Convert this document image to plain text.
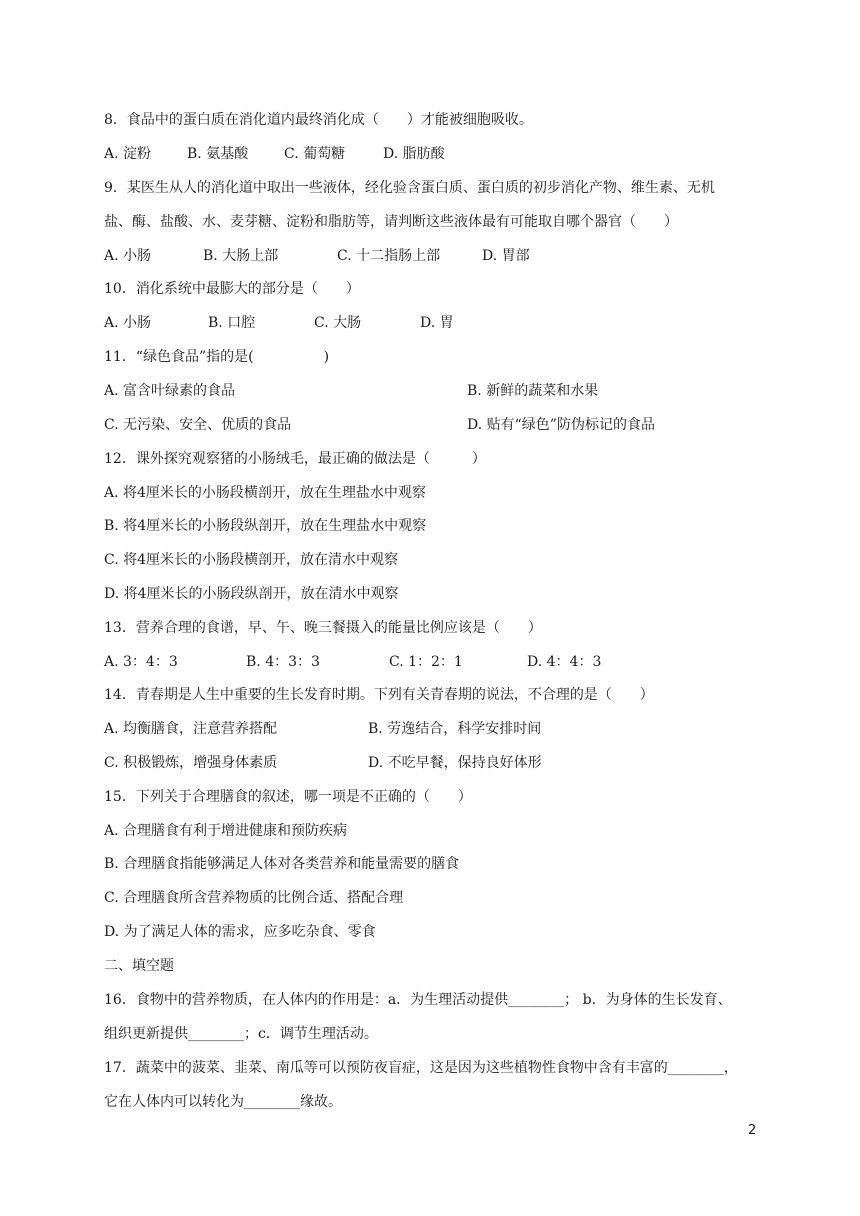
8．食品中的蛋白质在消化道内最终消化成（　　）才能被细胞吸收。
A. 淀粉	B. 氨基酸	C. 葡萄糖	D. 脂肪酸
9．某医生从人的消化道中取出一些液体，经化验含蛋白质、蛋白质的初步消化产物、维生素、无机
盐、酶、盐酸、水、麦芽糖、淀粉和脂肪等，请判断这些液体最有可能取自哪个器官（　　）
A. 小肠	B. 大肠上部	C. 十二指肠上部	D. 胃部
10．消化系统中最膨大的部分是（　　）
A. 小肠	B. 口腔	C. 大肠	D. 胃
11．“绿色食品”指的是(　　　　　)
A. 富含叶绿素的食品	B. 新鲜的蔬菜和水果
C. 无污染、安全、优质的食品	D. 贴有“绿色”防伪标记的食品
12．课外探究观察猪的小肠绒毛，最正确的做法是（　　　）
A. 将4厘米长的小肠段横剖开，放在生理盐水中观察
B. 将4厘米长的小肠段纵剖开，放在生理盐水中观察
C. 将4厘米长的小肠段横剖开，放在清水中观察
D. 将4厘米长的小肠段纵剖开，放在清水中观察
13．营养合理的食谱，早、午、晚三餐摄入的能量比例应该是（　　）
A. 3：4：3	B. 4：3：3	C. 1：2：1	D. 4：4：3
14．青春期是人生中重要的生长发育时期。下列有关青春期的说法，不合理的是（　　）
A. 均衡膳食，注意营养搭配	B. 劳逸结合，科学安排时间
C. 积极锻炼，增强身体素质	D. 不吃早餐，保持良好体形
15．下列关于合理膳食的叙述，哪一项是不正确的（　　）
A. 合理膳食有利于增进健康和预防疾病
B. 合理膳食指能够满足人体对各类营养和能量需要的膳食
C. 合理膳食所含营养物质的比例合适、搭配合理
D. 为了满足人体的需求，应多吃杂食、零食
二、填空题
16．食物中的营养物质，在人体内的作用是：a．为生理活动提供________； b．为身体的生长发育、
组织更新提供________；c．调节生理活动。
17．蔬菜中的菠菜、韭菜、南瓜等可以预防夜盲症，这是因为这些植物性食物中含有丰富的________，
它在人体内可以转化为________缘故。
2
